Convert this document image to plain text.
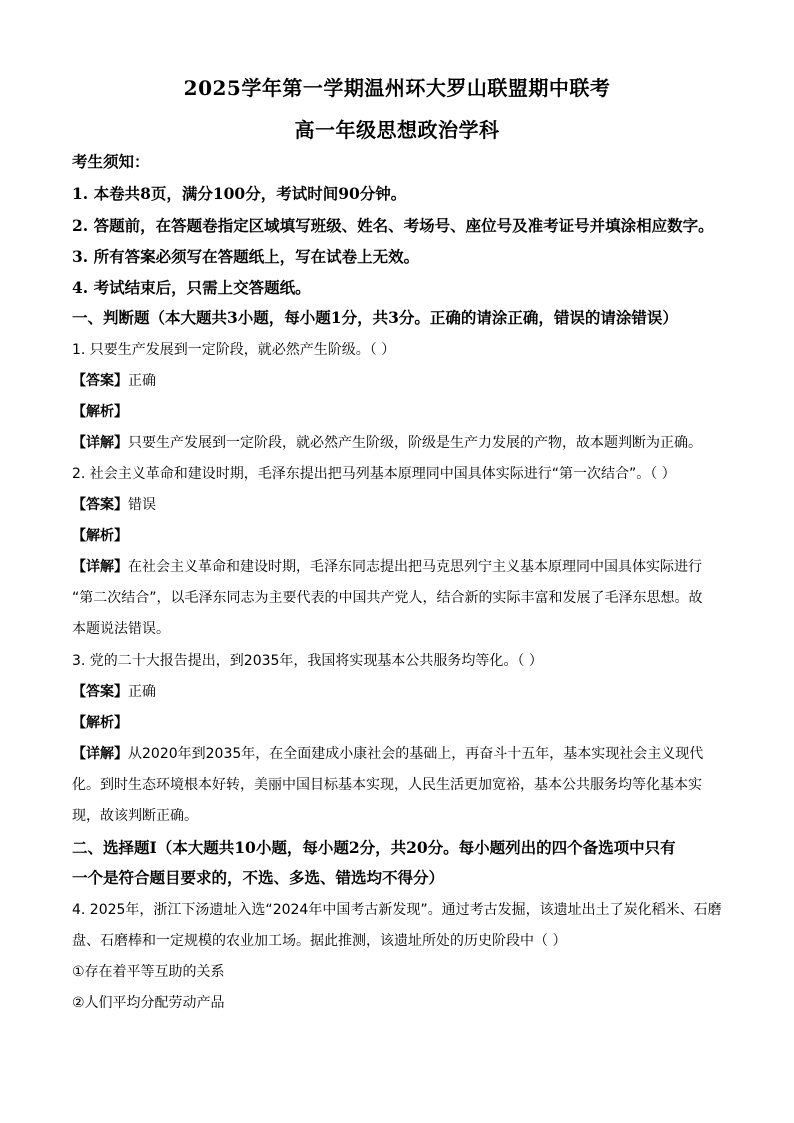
2025学年第一学期温州环大罗山联盟期中联考
高一年级思想政治学科
考生须知：
1. 本卷共8页，满分100分，考试时间90分钟。
2. 答题前，在答题卷指定区域填写班级、姓名、考场号、座位号及准考证号并填涂相应数字。
3. 所有答案必须写在答题纸上，写在试卷上无效。
4. 考试结束后，只需上交答题纸。
一、判断题（本大题共3小题，每小题1分，共3分。正确的请涂正确，错误的请涂错误）
1. 只要生产发展到一定阶段，就必然产生阶级。（ ）
【答案】正确
【解析】
【详解】只要生产发展到一定阶段，就必然产生阶级，阶级是生产力发展的产物，故本题判断为正确。
2. 社会主义革命和建设时期，毛泽东提出把马列基本原理同中国具体实际进行“第一次结合”。（ ）
【答案】错误
【解析】
【详解】在社会主义革命和建设时期，毛泽东同志提出把马克思列宁主义基本原理同中国具体实际进行
“第二次结合”，以毛泽东同志为主要代表的中国共产党人，结合新的实际丰富和发展了毛泽东思想。故
本题说法错误。
3. 党的二十大报告提出，到2035年，我国将实现基本公共服务均等化。（ ）
【答案】正确
【解析】
【详解】从2020年到2035年，在全面建成小康社会的基础上，再奋斗十五年，基本实现社会主义现代
化。到时生态环境根本好转，美丽中国目标基本实现，人民生活更加宽裕，基本公共服务均等化基本实
现，故该判断正确。
二、选择题Ⅰ（本大题共10小题，每小题2分，共20分。每小题列出的四个备选项中只有
一个是符合题目要求的，不选、多选、错选均不得分）
4. 2025年，浙江下汤遗址入选“2024年中国考古新发现”。通过考古发掘，该遗址出土了炭化稻米、石磨
盘、石磨棒和一定规模的农业加工场。据此推测，该遗址所处的历史阶段中（ ）
①存在着平等互助的关系
②人们平均分配劳动产品
